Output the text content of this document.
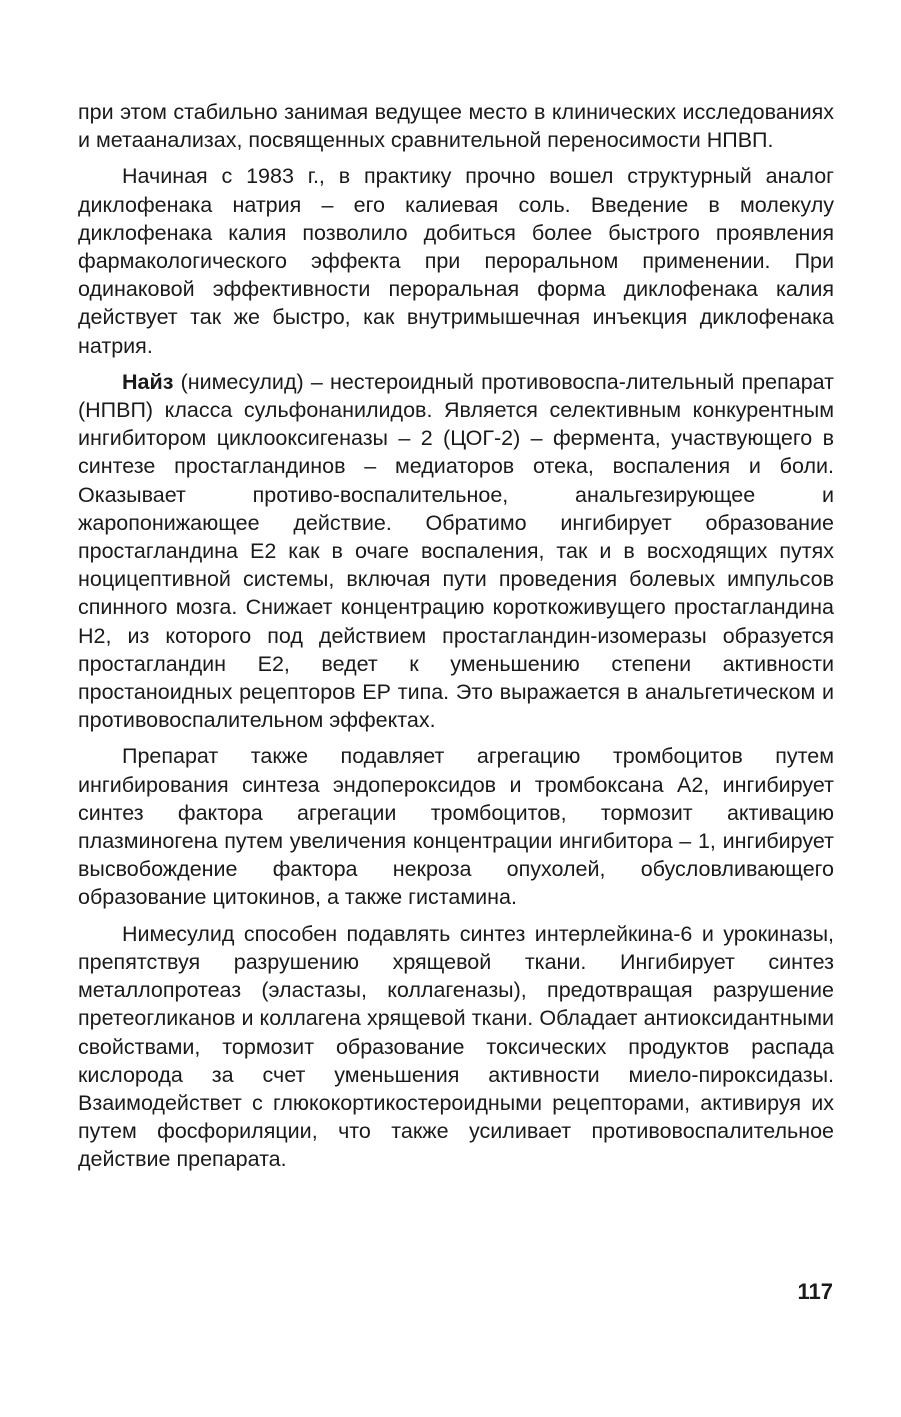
при этом стабильно занимая ведущее место в клинических исследованиях и метаанализах, посвященных сравнительной переносимости НПВП.

Начиная с 1983 г., в практику прочно вошел структурный аналог диклофенака натрия – его калиевая соль. Введение в молекулу диклофенака калия позволило добиться более быстрого проявления фармакологического эффекта при пероральном применении. При одинаковой эффективности пероральная форма диклофенака калия действует так же быстро, как внутримышечная инъекция диклофенака натрия.

Найз (нимесулид) – нестероидный противовоспа-лительный препарат (НПВП) класса сульфонанилидов. Является селективным конкурентным ингибитором циклооксигеназы – 2 (ЦОГ-2) – фермента, участвующего в синтезе простагландинов – медиаторов отека, воспаления и боли. Оказывает противо-воспалительное, анальгезирующее и жаропонижающее действие. Обратимо ингибирует образование простагландина Е2 как в очаге воспаления, так и в восходящих путях ноцицептивной системы, включая пути проведения болевых импульсов спинного мозга. Снижает концентрацию короткоживущего простагландина Н2, из которого под действием простагландин-изомеразы образуется простагландин Е2, ведет к уменьшению степени активности простаноидных рецепторов ЕР типа. Это выражается в анальгетическом и противовоспалительном эффектах.

Препарат также подавляет агрегацию тромбоцитов путем ингибирования синтеза эндопероксидов и тромбоксана А2, ингибирует синтез фактора агрегации тромбоцитов, тормозит активацию плазминогена путем увеличения концентрации ингибитора – 1, ингибирует высвобождение фактора некроза опухолей, обусловливающего образование цитокинов, а также гистамина.

Нимесулид способен подавлять синтез интерлейкина-6 и урокиназы, препятствуя разрушению хрящевой ткани. Ингибирует синтез металлопротеаз (эластазы, коллагеназы), предотвращая разрушение претеогликанов и коллагена хрящевой ткани. Обладает антиоксидантными свойствами, тормозит образование токсических продуктов распада кислорода за счет уменьшения активности миело-пироксидазы. Взаимодействет с глюкокортикостероидными рецепторами, активируя их путем фосфориляции, что также усиливает противовоспалительное действие препарата.

117
